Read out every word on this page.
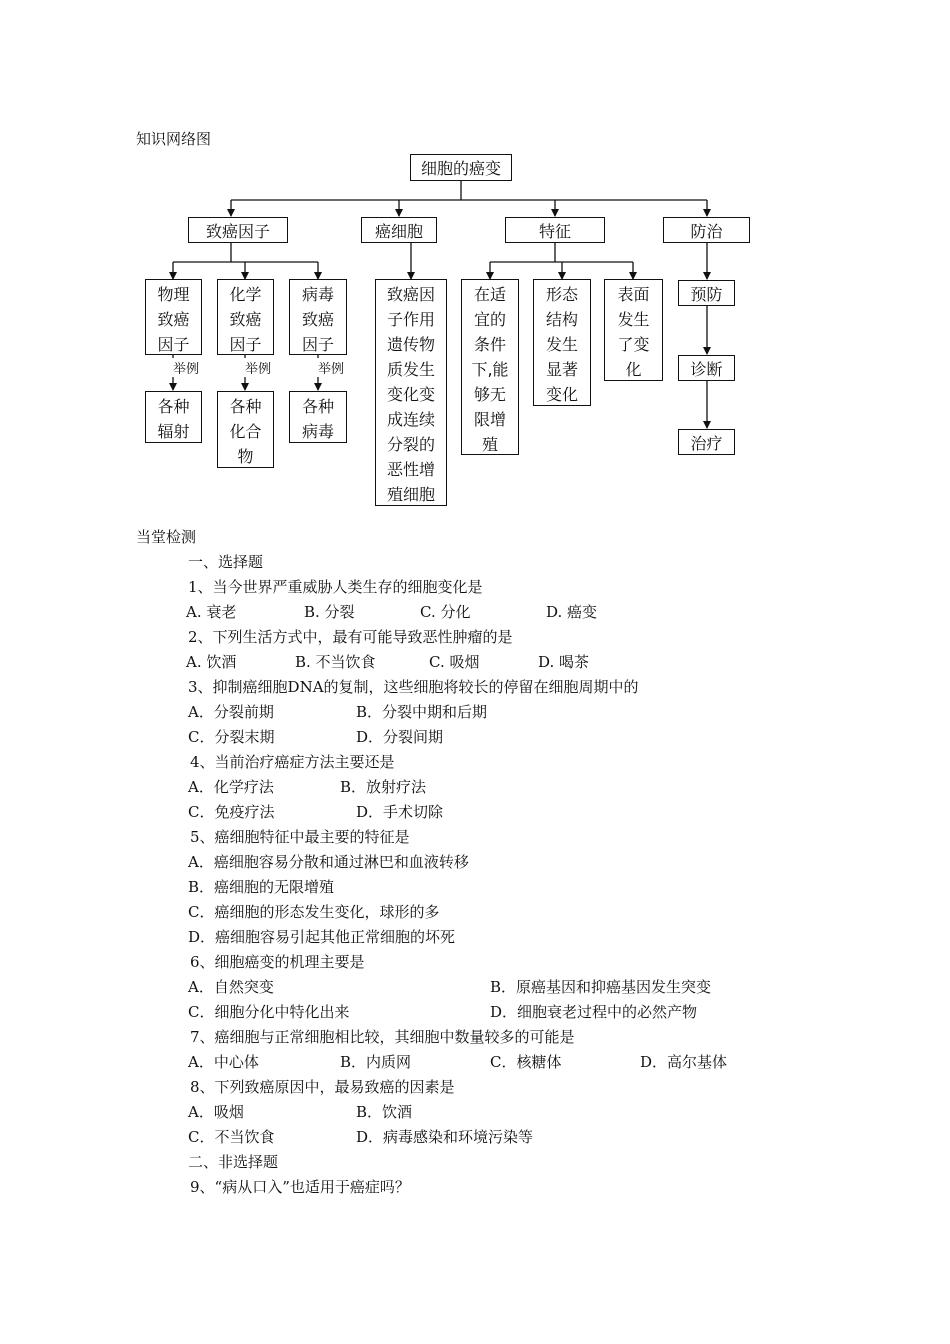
知识网络图
细胞的癌变
致癌因子	癌细胞	特征	防治
物理
致癌
因子
化学
致癌
因子
病毒
致癌
因子
举例	举例	举例
各种
辐射
各种
化合
物
各种
病毒
致癌因
子作用
遗传物
质发生
变化变
成连续
分裂的
恶性增
殖细胞
在适
宜的
条件
下,能
够无
限增
殖
形态
结构
发生
显著
变化
表面
发生
了变
化
预防
诊断
治疗
当堂检测
一、选择题
1、当今世界严重威胁人类生存的细胞变化是
A. 衰老	B. 分裂	C. 分化	D. 癌变
2、下列生活方式中，最有可能导致恶性肿瘤的是
A. 饮酒	B. 不当饮食	C. 吸烟	D. 喝茶
3、抑制癌细胞DNA的复制，这些细胞将较长的停留在细胞周期中的
A．分裂前期	B．分裂中期和后期
C．分裂末期	D．分裂间期
4、当前治疗癌症方法主要还是
A．化学疗法	B．放射疗法
C．免疫疗法	D．手术切除
5、癌细胞特征中最主要的特征是
A．癌细胞容易分散和通过淋巴和血液转移
B．癌细胞的无限增殖
C．癌细胞的形态发生变化，球形的多
D．癌细胞容易引起其他正常细胞的坏死
6、细胞癌变的机理主要是
A．自然突变	B．原癌基因和抑癌基因发生突变
C．细胞分化中特化出来	D．细胞衰老过程中的必然产物
7、癌细胞与正常细胞相比较，其细胞中数量较多的可能是
A．中心体	B．内质网	C．核糖体	D．高尔基体
8、下列致癌原因中，最易致癌的因素是
A．吸烟	B．饮酒
C．不当饮食	D．病毒感染和环境污染等
二、非选择题
9、“病从口入”也适用于癌症吗？
